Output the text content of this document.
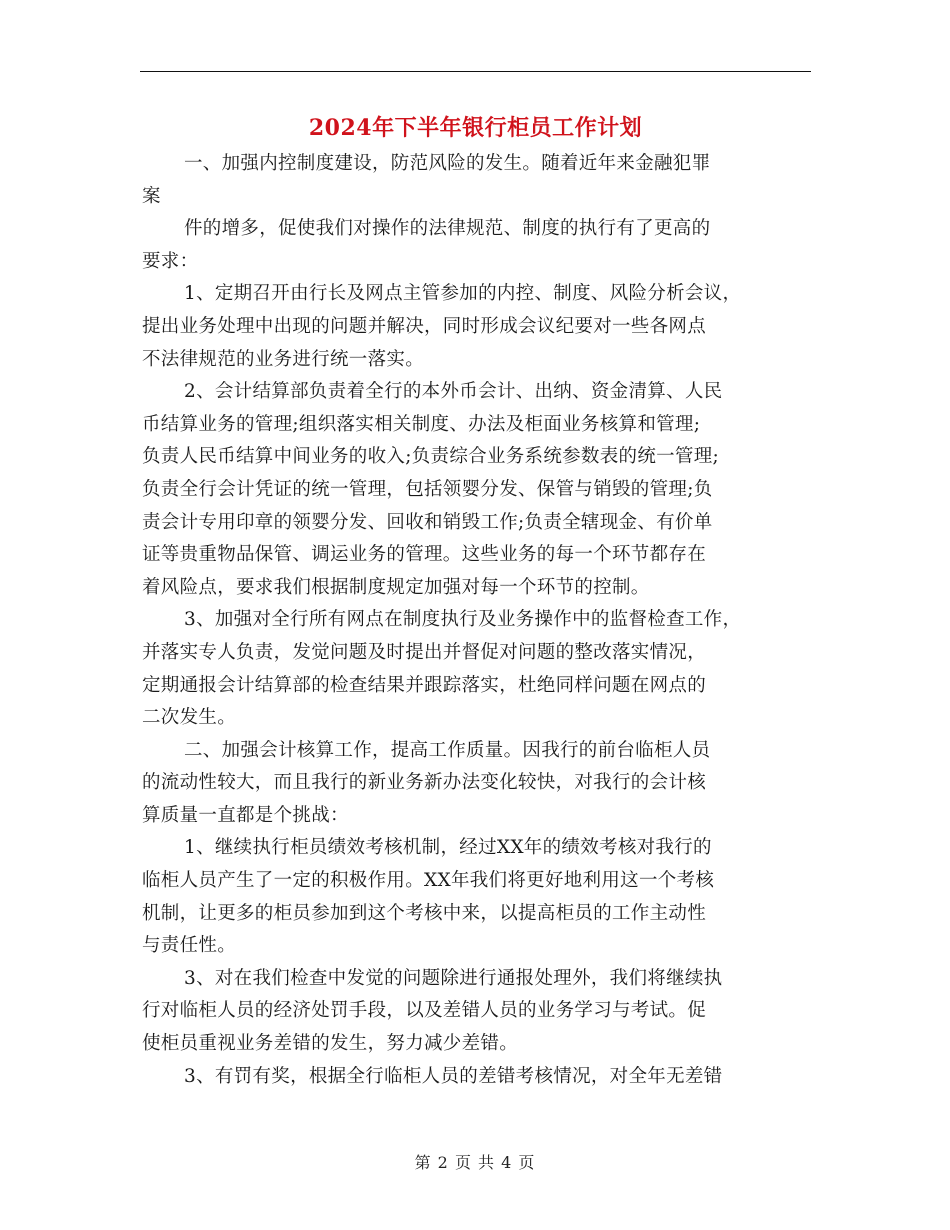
2024年下半年银行柜员工作计划
一、加强内控制度建设，防范风险的发生。随着近年来金融犯罪
案
件的增多，促使我们对操作的法律规范、制度的执行有了更高的
要求：
1、定期召开由行长及网点主管参加的内控、制度、风险分析会议，
提出业务处理中出现的问题并解决，同时形成会议纪要对一些各网点
不法律规范的业务进行统一落实。
2、会计结算部负责着全行的本外币会计、出纳、资金清算、人民
币结算业务的管理;组织落实相关制度、办法及柜面业务核算和管理;
负责人民币结算中间业务的收入;负责综合业务系统参数表的统一管理;
负责全行会计凭证的统一管理，包括领婴分发、保管与销毁的管理;负
责会计专用印章的领婴分发、回收和销毁工作;负责全辖现金、有价单
证等贵重物品保管、调运业务的管理。这些业务的每一个环节都存在
着风险点，要求我们根据制度规定加强对每一个环节的控制。
3、加强对全行所有网点在制度执行及业务操作中的监督检查工作，
并落实专人负责，发觉问题及时提出并督促对问题的整改落实情况，
定期通报会计结算部的检查结果并跟踪落实，杜绝同样问题在网点的
二次发生。
二、加强会计核算工作，提高工作质量。因我行的前台临柜人员
的流动性较大，而且我行的新业务新办法变化较快，对我行的会计核
算质量一直都是个挑战：
1、继续执行柜员绩效考核机制，经过XX年的绩效考核对我行的
临柜人员产生了一定的积极作用。XX年我们将更好地利用这一个考核
机制，让更多的柜员参加到这个考核中来，以提高柜员的工作主动性
与责任性。
3、对在我们检查中发觉的问题除进行通报处理外，我们将继续执
行对临柜人员的经济处罚手段，以及差错人员的业务学习与考试。促
使柜员重视业务差错的发生，努力减少差错。
3、有罚有奖，根据全行临柜人员的差错考核情况，对全年无差错
第 2 页 共 4 页
